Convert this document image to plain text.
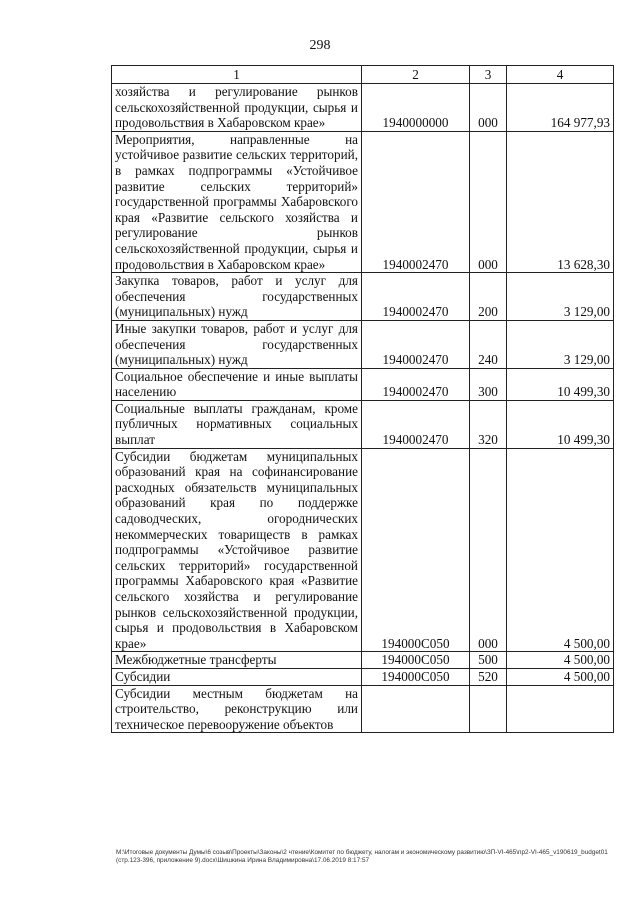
298
1	2	3	4
хозяйства и регулирование рынков сельскохозяйственной продукции, сырья и продовольствия в Хабаровском крае»	1940000000	000	164 977,93
Мероприятия, направленные на устойчивое развитие сельских территорий, в рамках подпрограммы «Устойчивое развитие сельских территорий» государственной программы Хабаровского края «Развитие сельского хозяйства и регулирование рынков сельскохозяйственной продукции, сырья и продовольствия в Хабаровском крае»	1940002470	000	13 628,30
Закупка товаров, работ и услуг для обеспечения государственных (муниципальных) нужд	1940002470	200	3 129,00
Иные закупки товаров, работ и услуг для обеспечения государственных (муниципальных) нужд	1940002470	240	3 129,00
Социальное обеспечение и иные выплаты населению	1940002470	300	10 499,30
Социальные выплаты гражданам, кроме публичных нормативных социальных выплат	1940002470	320	10 499,30
Субсидии бюджетам муниципальных образований края на софинансирование расходных обязательств муниципальных образований края по поддержке садоводческих, огороднических некоммерческих товариществ в рамках подпрограммы «Устойчивое развитие сельских территорий» государственной программы Хабаровского края «Развитие сельского хозяйства и регулирование рынков сельскохозяйственной продукции, сырья и продовольствия в Хабаровском крае»	194000С050	000	4 500,00
Межбюджетные трансферты	194000С050	500	4 500,00
Субсидии	194000С050	520	4 500,00
Субсидии местным бюджетам на строительство, реконструкцию или техническое перевооружение объектов			
M:\Итоговые документы Думы\6 созыв\Проекты\Законы\2 чтение\Комитет по бюджету, налогам и экономическому развитию\ЗП-VI-465\пр2-VI-465_v190619_budget01 (стр.123-396, приложение 9).docx\Шишкина Ирина Владимировна\17.06.2019 8:17:57
